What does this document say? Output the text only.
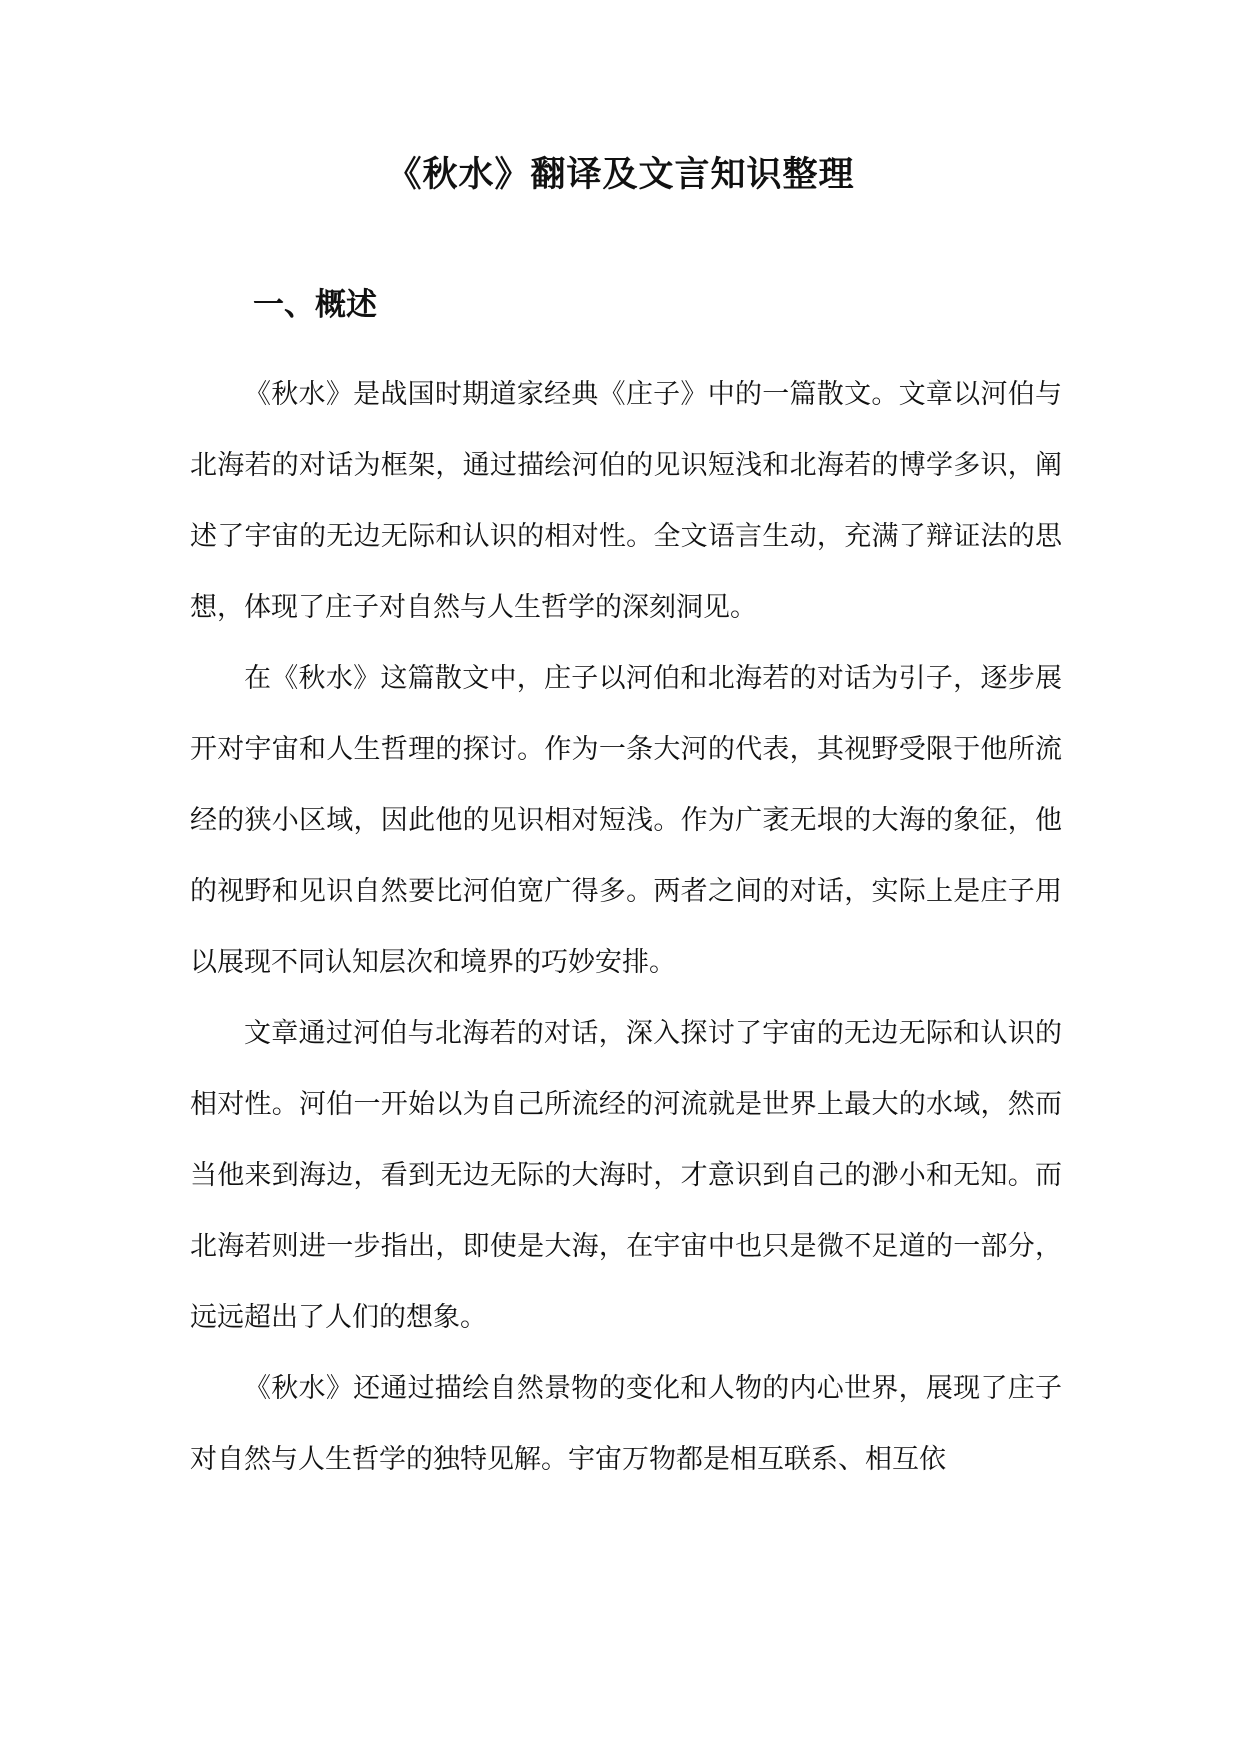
《秋水》翻译及文言知识整理
一、概述

《秋水》是战国时期道家经典《庄子》中的一篇散文。文章以河伯与北海若的对话为框架，通过描绘河伯的见识短浅和北海若的博学多识，阐述了宇宙的无边无际和认识的相对性。全文语言生动，充满了辩证法的思想，体现了庄子对自然与人生哲学的深刻洞见。

在《秋水》这篇散文中，庄子以河伯和北海若的对话为引子，逐步展开对宇宙和人生哲理的探讨。作为一条大河的代表，其视野受限于他所流经的狭小区域，因此他的见识相对短浅。作为广袤无垠的大海的象征，他的视野和见识自然要比河伯宽广得多。两者之间的对话，实际上是庄子用以展现不同认知层次和境界的巧妙安排。

文章通过河伯与北海若的对话，深入探讨了宇宙的无边无际和认识的相对性。河伯一开始以为自己所流经的河流就是世界上最大的水域，然而当他来到海边，看到无边无际的大海时，才意识到自己的渺小和无知。而北海若则进一步指出，即使是大海，在宇宙中也只是微不足道的一部分，远远超出了人们的想象。

《秋水》还通过描绘自然景物的变化和人物的内心世界，展现了庄子对自然与人生哲学的独特见解。宇宙万物都是相互联系、相互依
